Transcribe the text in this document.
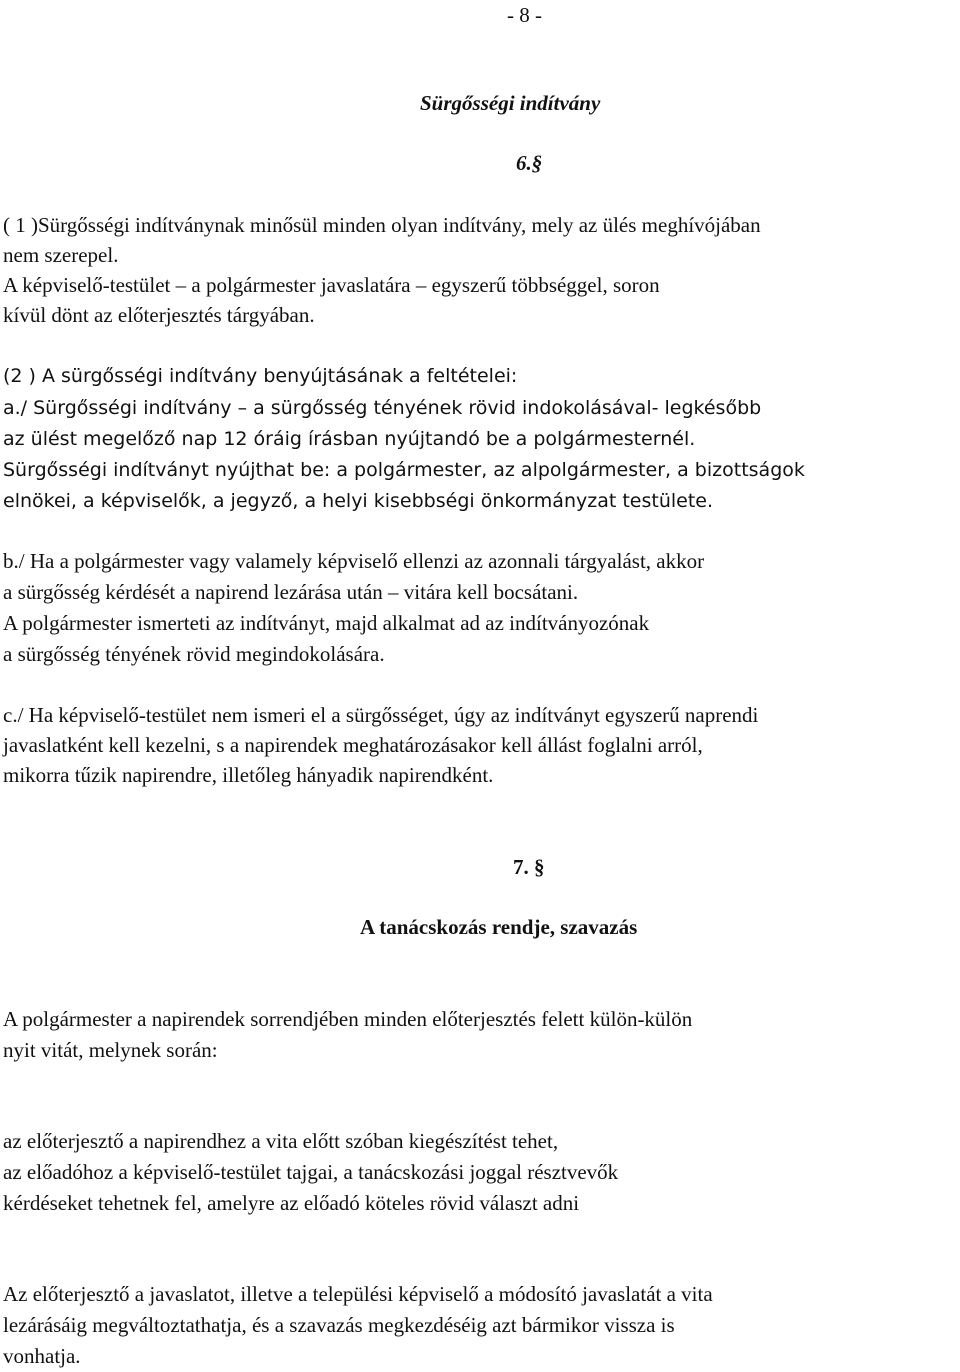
- 8 -
Sürgősségi indítvány
6.§
( 1 )Sürgősségi indítványnak minősül minden olyan indítvány, mely az ülés meghívójában
nem szerepel.
A képviselő-testület – a polgármester javaslatára – egyszerű többséggel, soron
kívül dönt az előterjesztés tárgyában.
(2 ) A sürgősségi indítvány benyújtásának a feltételei:
a./ Sürgősségi indítvány – a sürgősség tényének rövid indokolásával- legkésőbb
az ülést megelőző nap 12 óráig írásban nyújtandó be a polgármesternél.
Sürgősségi indítványt nyújthat be: a polgármester, az alpolgármester, a bizottságok
elnökei, a képviselők, a jegyző, a helyi kisebbségi önkormányzat testülete.
b./ Ha a polgármester vagy valamely képviselő ellenzi az azonnali tárgyalást, akkor
a sürgősség kérdését a napirend lezárása után – vitára kell bocsátani.
A polgármester ismerteti az indítványt, majd alkalmat ad az indítványozónak
a sürgősség tényének rövid megindokolására.
c./ Ha képviselő-testület nem ismeri el a sürgősséget, úgy az indítványt egyszerű naprendi
javaslatként kell kezelni, s a napirendek meghatározásakor kell állást foglalni arról,
mikorra tűzik napirendre, illetőleg hányadik napirendként.
7. §
A tanácskozás rendje, szavazás
A polgármester a napirendek sorrendjében minden előterjesztés felett külön-külön
nyit vitát, melynek során:
az előterjesztő a napirendhez a vita előtt szóban kiegészítést tehet,
az előadóhoz a képviselő-testület tajgai, a tanácskozási joggal résztvevők
kérdéseket tehetnek fel, amelyre az előadó köteles rövid választ adni
Az előterjesztő a javaslatot, illetve a települési képviselő a módosító javaslatát a vita
lezárásáig megváltoztathatja, és a szavazás megkezdéséig azt bármikor vissza is
vonhatja.
